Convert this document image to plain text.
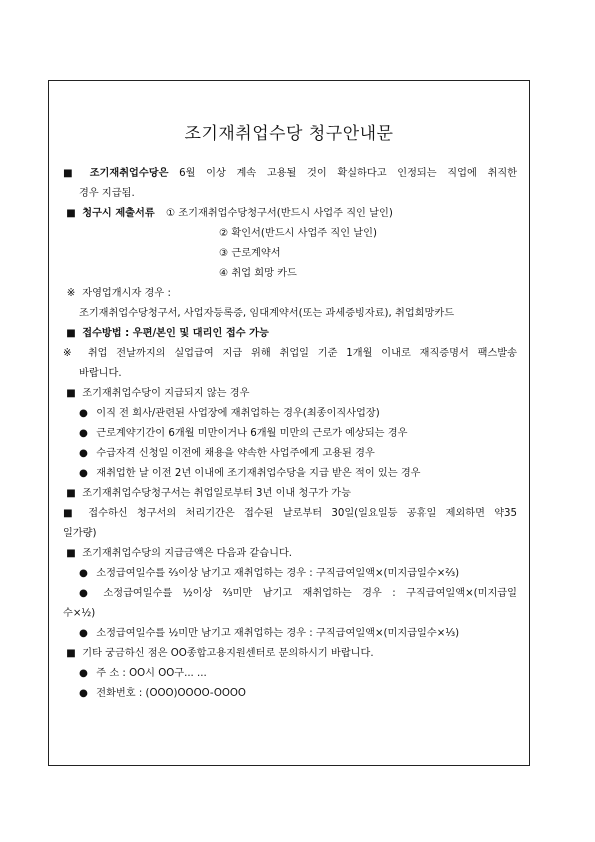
조기재취업수당 청구안내문
■ 조기재취업수당은 6월 이상 계속 고용될 것이 확실하다고 인정되는 직업에 취직한
경우 지급됨.
■ 청구시 제출서류 ① 조기재취업수당청구서(반드시 사업주 직인 날인)
② 확인서(반드시 사업주 직인 날인)
③ 근로계약서
④ 취업 희망 카드
※ 자영업개시자 경우 :
조기재취업수당청구서, 사업자등록증, 임대계약서(또는 과세증빙자료), 취업희망카드
■ 접수방법 : 우편/본인 및 대리인 접수 가능
※ 취업 전날까지의 실업급여 지급 위해 취업일 기준 1개월 이내로 재직증명서 팩스발송
바랍니다.
■ 조기재취업수당이 지급되지 않는 경우
● 이직 전 회사/관련된 사업장에 재취업하는 경우(최종이직사업장)
● 근로계약기간이 6개월 미만이거나 6개월 미만의 근로가 예상되는 경우
● 수급자격 신청일 이전에 채용을 약속한 사업주에게 고용된 경우
● 재취업한 날 이전 2년 이내에 조기재취업수당을 지급 받은 적이 있는 경우
■ 조기재취업수당청구서는 취업일로부터 3년 이내 청구가 가능
■ 접수하신 청구서의 처리기간은 접수된 날로부터 30일(일요일등 공휴일 제외하면 약35
일가량)
■ 조기재취업수당의 지급금액은 다음과 같습니다.
● 소정급여일수를 ⅔이상 남기고 재취업하는 경우 : 구직급여일액×(미지급일수×⅔)
● 소정급여일수를 ½이상 ⅔미만 남기고 재취업하는 경우 : 구직급여일액×(미지급일
수×½)
● 소정급여일수를 ½미만 남기고 재취업하는 경우 : 구직급여일액×(미지급일수×⅓)
■ 기타 궁금하신 점은 OO종합고용지원센터로 문의하시기 바랍니다.
● 주 소 : OO시 OO구... ...
● 전화번호 : (OOO)OOOO-OOOO
